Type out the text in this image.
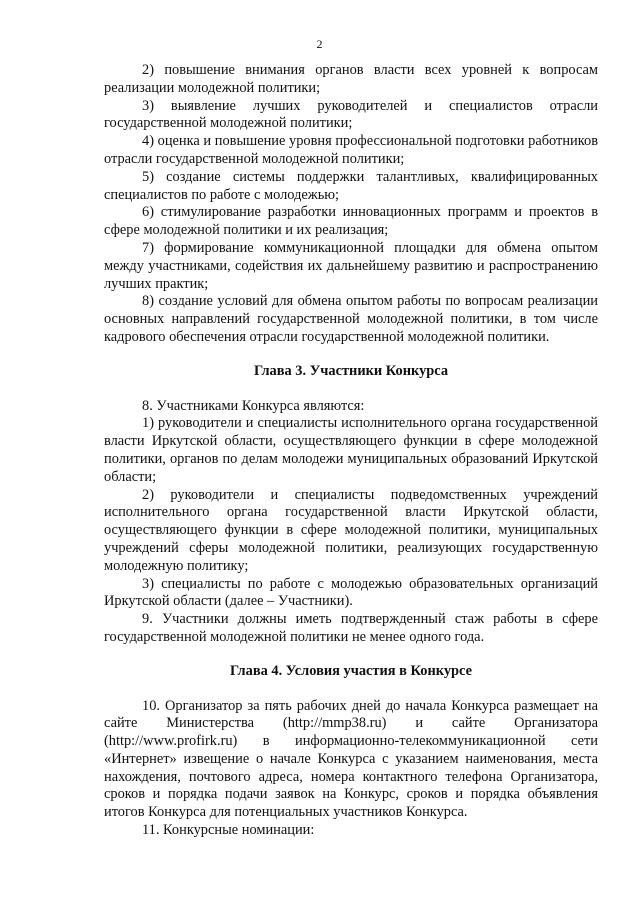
2

2) повышение внимания органов власти всех уровней к вопросам реализации молодежной политики;

3) выявление лучших руководителей и специалистов отрасли государственной молодежной политики;

4) оценка и повышение уровня профессиональной подготовки работников отрасли государственной молодежной политики;

5) создание системы поддержки талантливых, квалифицированных специалистов по работе с молодежью;

6) стимулирование разработки инновационных программ и проектов в сфере молодежной политики и их реализация;

7) формирование коммуникационной площадки для обмена опытом между участниками, содействия их дальнейшему развитию и распространению лучших практик;

8) создание условий для обмена опытом работы по вопросам реализации основных направлений государственной молодежной политики, в том числе кадрового обеспечения отрасли государственной молодежной политики.

Глава 3. Участники Конкурса

8. Участниками Конкурса являются:

1) руководители и специалисты исполнительного органа государственной власти Иркутской области, осуществляющего функции в сфере молодежной политики, органов по делам молодежи муниципальных образований Иркутской области;

2) руководители и специалисты подведомственных учреждений исполнительного органа государственной власти Иркутской области, осуществляющего функции в сфере молодежной политики, муниципальных учреждений сферы молодежной политики, реализующих государственную молодежную политику;

3) специалисты по работе с молодежью образовательных организаций Иркутской области (далее – Участники).

9. Участники должны иметь подтвержденный стаж работы в сфере государственной молодежной политики не менее одного года.

Глава 4. Условия участия в Конкурсе

10. Организатор за пять рабочих дней до начала Конкурса размещает на сайте Министерства (http://mmp38.ru) и сайте Организатора (http://www.profirk.ru) в информационно-телекоммуникационной сети «Интернет» извещение о начале Конкурса с указанием наименования, места нахождения, почтового адреса, номера контактного телефона Организатора, сроков и порядка подачи заявок на Конкурс, сроков и порядка объявления итогов Конкурса для потенциальных участников Конкурса.

11. Конкурсные номинации:
